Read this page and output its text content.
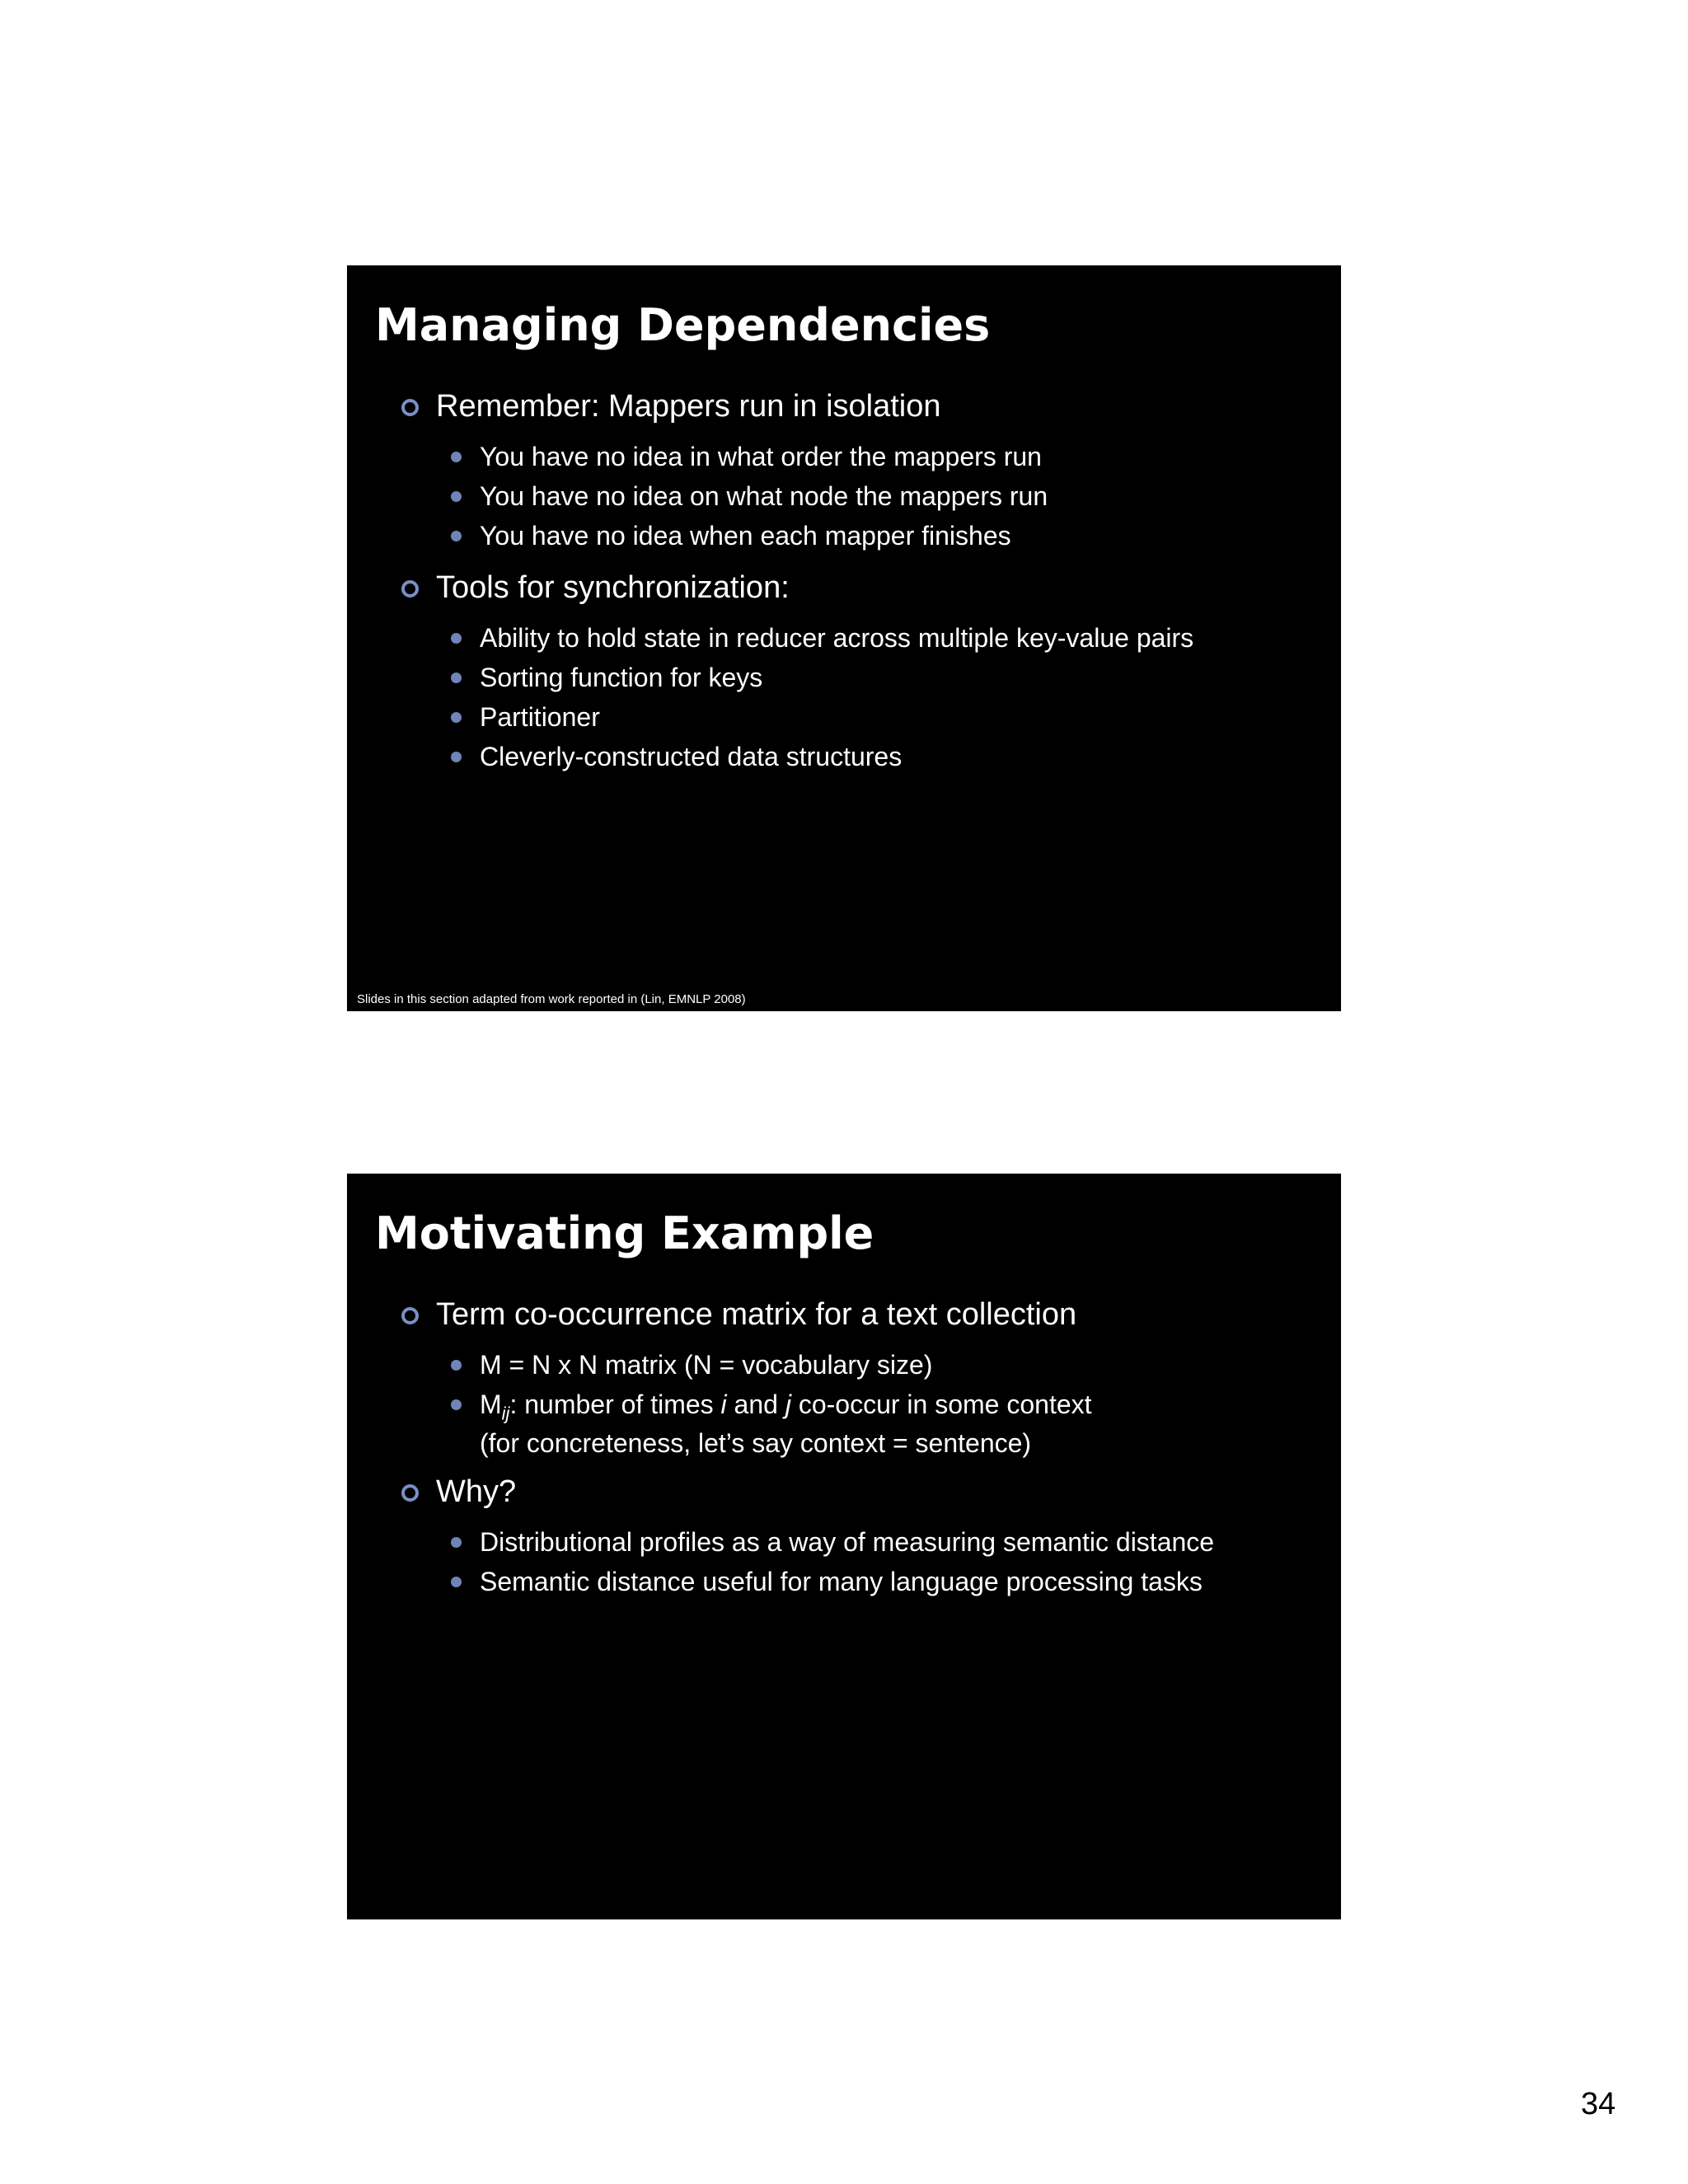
Managing Dependencies
Remember: Mappers run in isolation
You have no idea in what order the mappers run
You have no idea on what node the mappers run
You have no idea when each mapper finishes
Tools for synchronization:
Ability to hold state in reducer across multiple key-value pairs
Sorting function for keys
Partitioner
Cleverly-constructed data structures
Slides in this section adapted from work reported in (Lin, EMNLP 2008)
Motivating Example
Term co-occurrence matrix for a text collection
M = N x N matrix (N = vocabulary size)
$M_{ij}$: number of times i and j co-occur in some context
(for concreteness, let’s say context = sentence)
Why?
Distributional profiles as a way of measuring semantic distance
Semantic distance useful for many language processing tasks
34
